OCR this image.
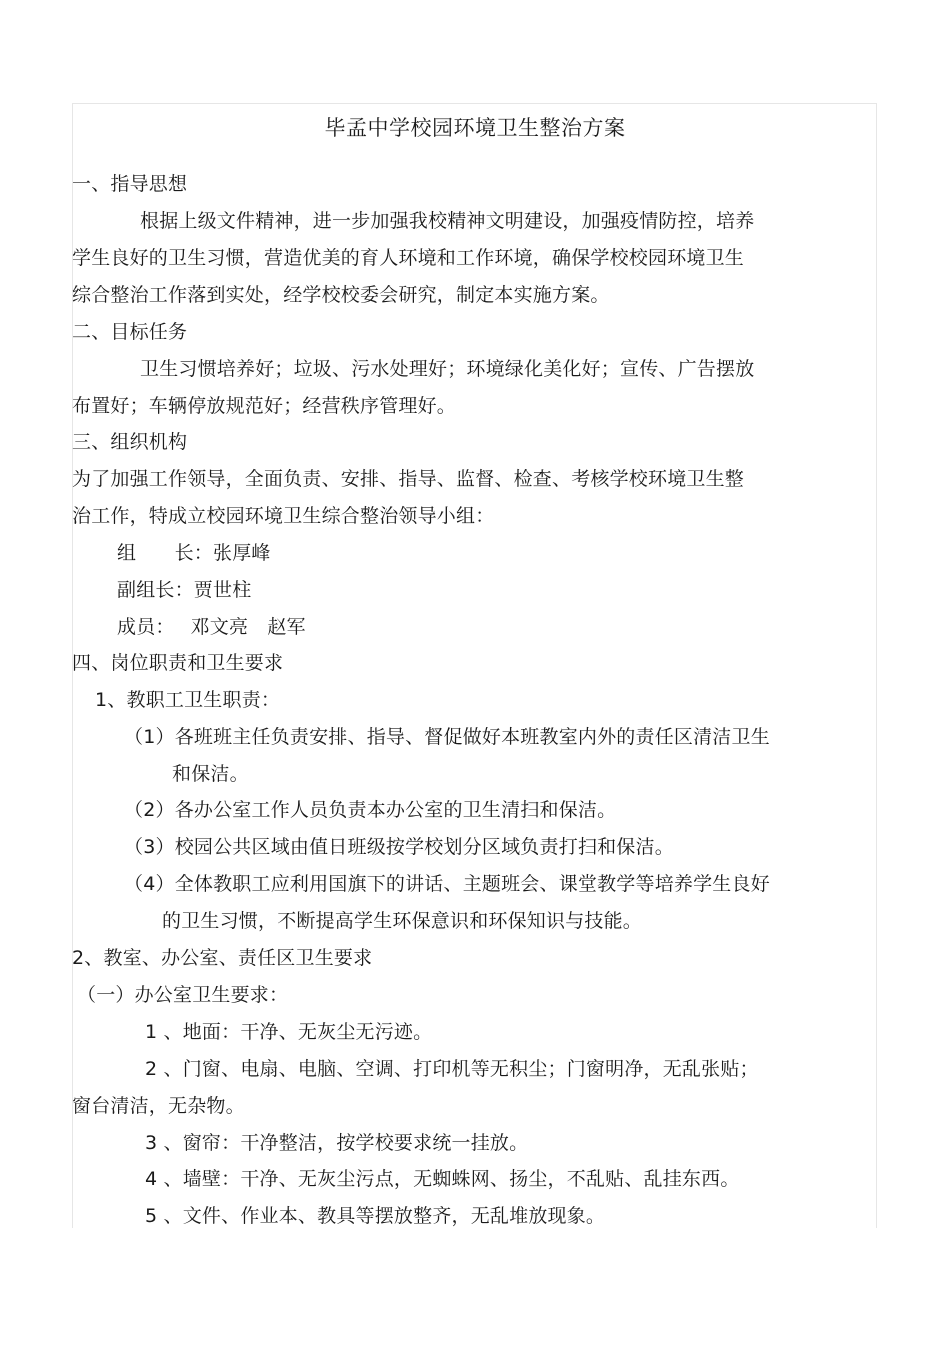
毕孟中学校园环境卫生整治方案
一、指导思想
根据上级文件精神，进一步加强我校精神文明建设，加强疫情防控，培养
学生良好的卫生习惯，营造优美的育人环境和工作环境，确保学校校园环境卫生
综合整治工作落到实处，经学校校委会研究，制定本实施方案。
二、目标任务
卫生习惯培养好；垃圾、污水处理好；环境绿化美化好；宣传、广告摆放
布置好；车辆停放规范好；经营秩序管理好。
三、组织机构
为了加强工作领导，全面负责、安排、指导、监督、检查、考核学校环境卫生整
治工作，特成立校园环境卫生综合整治领导小组：
组　　长：张厚峰
副组长：贾世柱
成员：　 邓文亮　赵军
四、岗位职责和卫生要求
1、教职工卫生职责：
（1）各班班主任负责安排、指导、督促做好本班教室内外的责任区清洁卫生
和保洁。
（2）各办公室工作人员负责本办公室的卫生清扫和保洁。
（3）校园公共区域由值日班级按学校划分区域负责打扫和保洁。
（4）全体教职工应利用国旗下的讲话、主题班会、课堂教学等培养学生良好
的卫生习惯，不断提高学生环保意识和环保知识与技能。
2、教室、办公室、责任区卫生要求
（一）办公室卫生要求：
1 、地面：干净、无灰尘无污迹。
2 、门窗、电扇、电脑、空调、打印机等无积尘；门窗明净，无乱张贴；
窗台清洁，无杂物。
3 、窗帘：干净整洁，按学校要求统一挂放。
4 、墙壁：干净、无灰尘污点，无蜘蛛网、扬尘，不乱贴、乱挂东西。
5 、文件、作业本、教具等摆放整齐，无乱堆放现象。
